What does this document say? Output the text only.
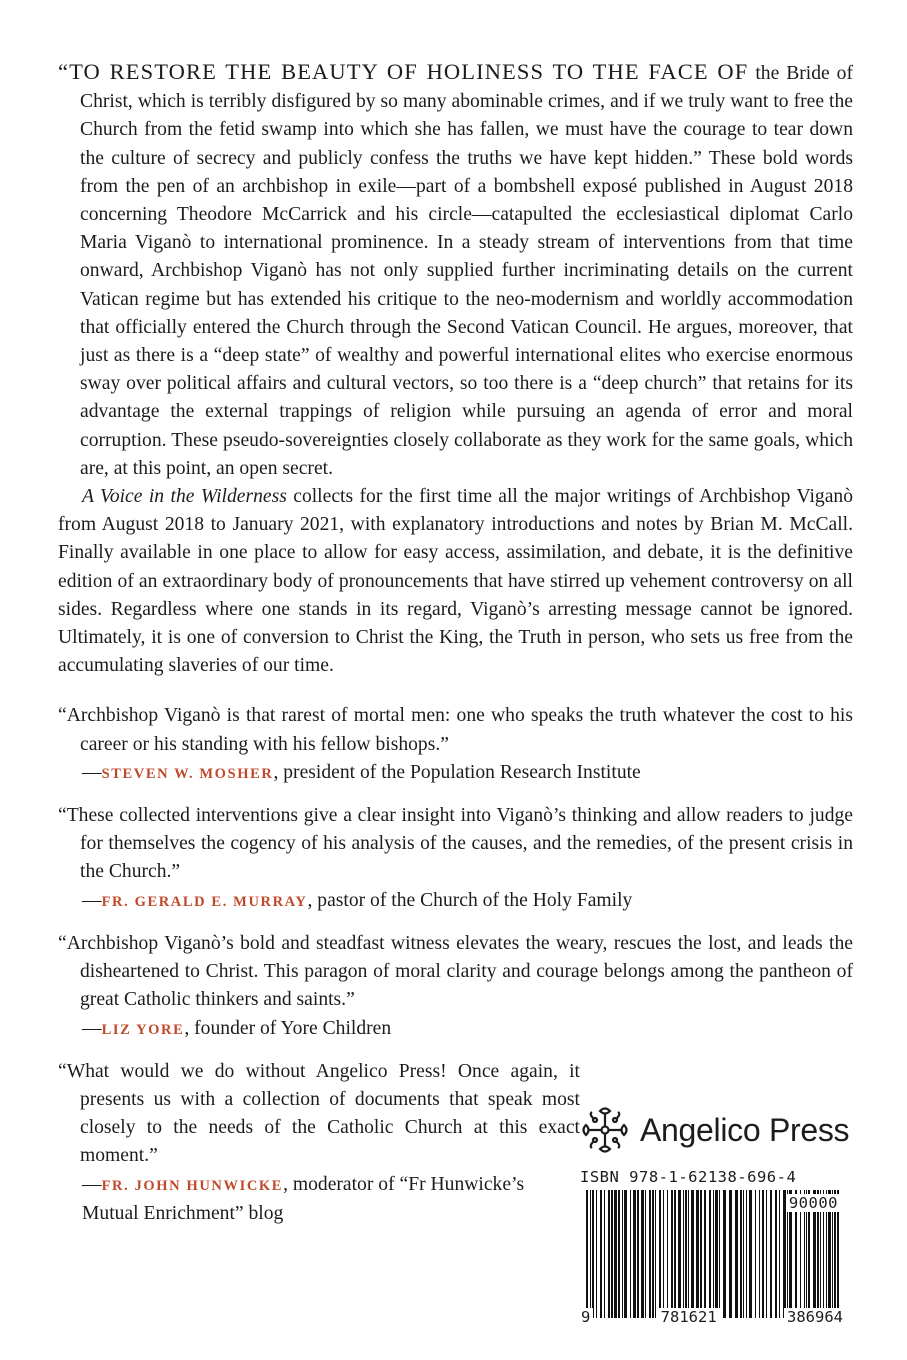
“TO RESTORE THE BEAUTY OF HOLINESS TO THE FACE OF the Bride of Christ, which is terribly disfigured by so many abominable crimes, and if we truly want to free the Church from the fetid swamp into which she has fallen, we must have the courage to tear down the culture of secrecy and publicly confess the truths we have kept hidden.” These bold words from the pen of an archbishop in exile—part of a bombshell exposé published in August 2018 concerning Theodore McCarrick and his circle—catapulted the ecclesiastical diplomat Carlo Maria Viganò to international prominence. In a steady stream of interventions from that time onward, Archbishop Viganò has not only supplied further incriminating details on the current Vatican regime but has extended his critique to the neo-modernism and worldly accommodation that officially entered the Church through the Second Vatican Council. He argues, moreover, that just as there is a “deep state” of wealthy and powerful international elites who exercise enormous sway over political affairs and cultural vectors, so too there is a “deep church” that retains for its advantage the external trappings of religion while pursuing an agenda of error and moral corruption. These pseudo-sovereignties closely collaborate as they work for the same goals, which are, at this point, an open secret.

A Voice in the Wilderness collects for the first time all the major writings of Archbishop Viganò from August 2018 to January 2021, with explanatory introductions and notes by Brian M. McCall. Finally available in one place to allow for easy access, assimilation, and debate, it is the definitive edition of an extraordinary body of pronouncements that have stirred up vehement controversy on all sides. Regardless where one stands in its regard, Viganò’s arresting message cannot be ignored. Ultimately, it is one of conversion to Christ the King, the Truth in person, who sets us free from the accumulating slaveries of our time.

“Archbishop Viganò is that rarest of mortal men: one who speaks the truth whatever the cost to his career or his standing with his fellow bishops.”

—STEVEN W. MOSHER, president of the Population Research Institute

“These collected interventions give a clear insight into Viganò’s thinking and allow readers to judge for themselves the cogency of his analysis of the causes, and the remedies, of the present crisis in the Church.”

—FR. GERALD E. MURRAY, pastor of the Church of the Holy Family

“Archbishop Viganò’s bold and steadfast witness elevates the weary, rescues the lost, and leads the disheartened to Christ. This paragon of moral clarity and courage belongs among the pantheon of great Catholic thinkers and saints.”

—LIZ YORE, founder of Yore Children

“What would we do without Angelico Press! Once again, it presents us with a collection of documents that speak most closely to the needs of the Catholic Church at this exact moment.”

—FR. JOHN HUNWICKE, moderator of “Fr Hunwicke’s Mutual Enrichment” blog

Angelico Press
ISBN 978-1-62138-696-4
90000
9	781621	386964
